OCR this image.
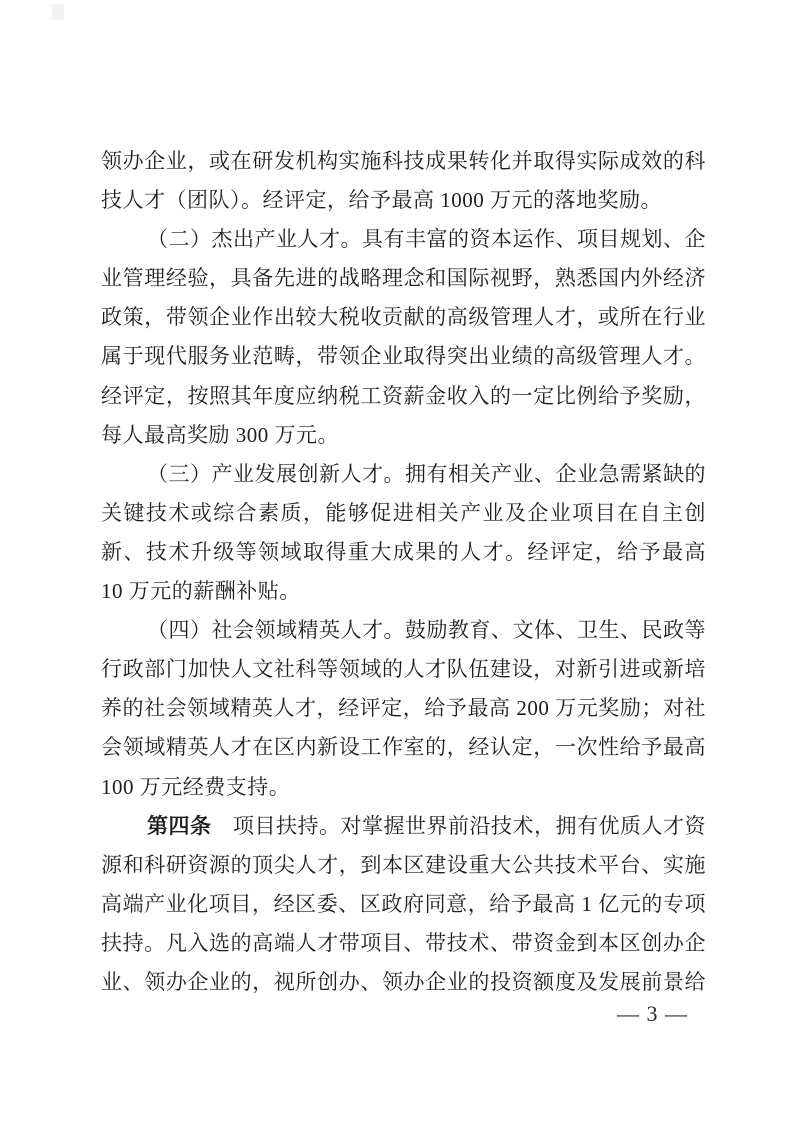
领办企业，或在研发机构实施科技成果转化并取得实际成效的科
技人才（团队）。经评定，给予最高 1000 万元的落地奖励。
（二）杰出产业人才。具有丰富的资本运作、项目规划、企
业管理经验，具备先进的战略理念和国际视野，熟悉国内外经济
政策，带领企业作出较大税收贡献的高级管理人才，或所在行业
属于现代服务业范畴，带领企业取得突出业绩的高级管理人才。
经评定，按照其年度应纳税工资薪金收入的一定比例给予奖励，
每人最高奖励 300 万元。
（三）产业发展创新人才。拥有相关产业、企业急需紧缺的
关键技术或综合素质，能够促进相关产业及企业项目在自主创
新、技术升级等领域取得重大成果的人才。经评定，给予最高
10 万元的薪酬补贴。
（四）社会领域精英人才。鼓励教育、文体、卫生、民政等
行政部门加快人文社科等领域的人才队伍建设，对新引进或新培
养的社会领域精英人才，经评定，给予最高 200 万元奖励；对社
会领域精英人才在区内新设工作室的，经认定，一次性给予最高
100 万元经费支持。
第四条　项目扶持。对掌握世界前沿技术，拥有优质人才资
源和科研资源的顶尖人才，到本区建设重大公共技术平台、实施
高端产业化项目，经区委、区政府同意，给予最高 1 亿元的专项
扶持。凡入选的高端人才带项目、带技术、带资金到本区创办企
业、领办企业的，视所创办、领办企业的投资额度及发展前景给
— 3 —
